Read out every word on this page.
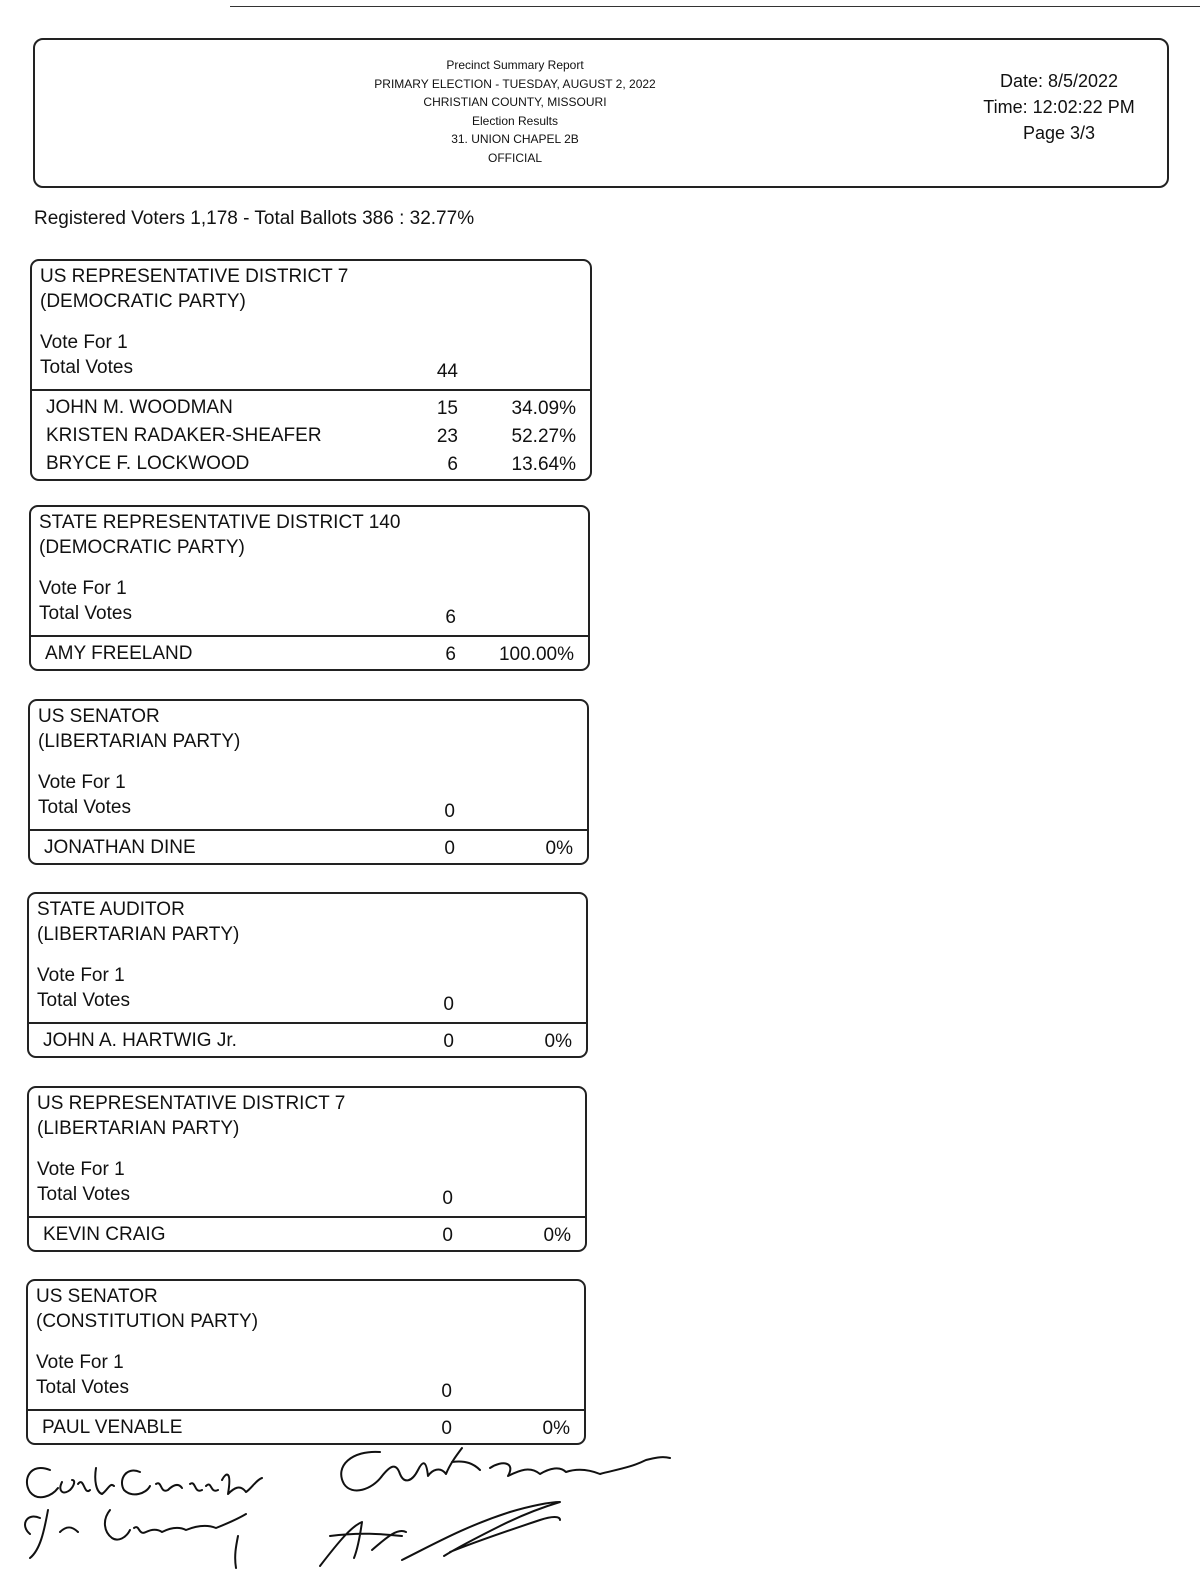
Precinct Summary Report
PRIMARY ELECTION - TUESDAY, AUGUST 2, 2022
CHRISTIAN COUNTY, MISSOURI
Election Results
31. UNION CHAPEL 2B
OFFICIAL
Date: 8/5/2022
Time: 12:02:22 PM
Page 3/3
Registered Voters 1,178 - Total Ballots 386 : 32.77%
US REPRESENTATIVE DISTRICT 7
(DEMOCRATIC PARTY)
Vote For 1
Total Votes	44
JOHN M. WOODMAN	15	34.09%
KRISTEN RADAKER-SHEAFER	23	52.27%
BRYCE F. LOCKWOOD	6	13.64%
STATE REPRESENTATIVE DISTRICT 140
(DEMOCRATIC PARTY)
Vote For 1
Total Votes	6
AMY FREELAND	6	100.00%
US SENATOR
(LIBERTARIAN PARTY)
Vote For 1
Total Votes	0
JONATHAN DINE	0	0%
STATE AUDITOR
(LIBERTARIAN PARTY)
Vote For 1
Total Votes	0
JOHN A. HARTWIG Jr.	0	0%
US REPRESENTATIVE DISTRICT 7
(LIBERTARIAN PARTY)
Vote For 1
Total Votes	0
KEVIN CRAIG	0	0%
US SENATOR
(CONSTITUTION PARTY)
Vote For 1
Total Votes	0
PAUL VENABLE	0	0%
